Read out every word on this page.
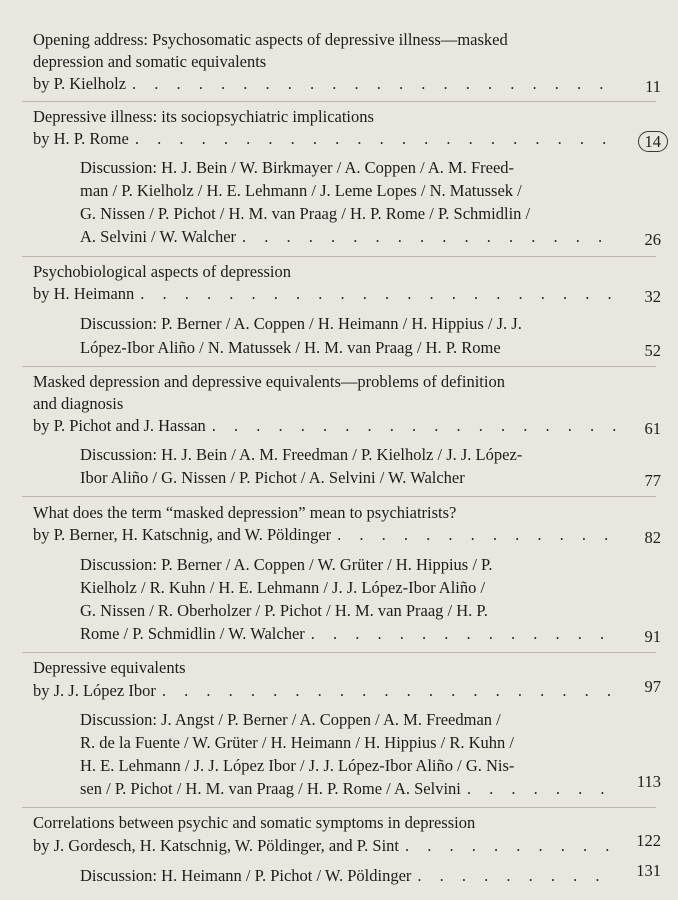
Opening address: Psychosomatic aspects of depressive illness—masked
depression and somatic equivalents
by P. Kielholz . . .	11
Depressive illness: its sociopsychiatric implications
by H. P. Rome . . .	14
Discussion: H. J. Bein / W. Birkmayer / A. Coppen / A. M. Freed-
man / P. Kielholz / H. E. Lehmann / J. Leme Lopes / N. Matussek /
G. Nissen / P. Pichot / H. M. van Praag / H. P. Rome / P. Schmidlin /
A. Selvini / W. Walcher . . .	26
Psychobiological aspects of depression
by H. Heimann . . .	32
Discussion: P. Berner / A. Coppen / H. Heimann / H. Hippius / J. J.
López-Ibor Aliño / N. Matussek / H. M. van Praag / H. P. Rome	52
Masked depression and depressive equivalents—problems of definition
and diagnosis
by P. Pichot and J. Hassan . . .	61
Discussion: H. J. Bein / A. M. Freedman / P. Kielholz / J. J. López-
Ibor Aliño / G. Nissen / P. Pichot / A. Selvini / W. Walcher	77
What does the term “masked depression” mean to psychiatrists?
by P. Berner, H. Katschnig, and W. Pöldinger . . .	82
Discussion: P. Berner / A. Coppen / W. Grüter / H. Hippius / P.
Kielholz / R. Kuhn / H. E. Lehmann / J. J. López-Ibor Aliño /
G. Nissen / R. Oberholzer / P. Pichot / H. M. van Praag / H. P.
Rome / P. Schmidlin / W. Walcher . . .	91
Depressive equivalents
by J. J. López Ibor . . .	97
Discussion: J. Angst / P. Berner / A. Coppen / A. M. Freedman /
R. de la Fuente / W. Grüter / H. Heimann / H. Hippius / R. Kuhn /
H. E. Lehmann / J. J. López Ibor / J. J. López-Ibor Aliño / G. Nis-
sen / P. Pichot / H. M. van Praag / H. P. Rome / A. Selvini . . .	113
Correlations between psychic and somatic symptoms in depression
by J. Gordesch, H. Katschnig, W. Pöldinger, and P. Sint . . .	122
Discussion: H. Heimann / P. Pichot / W. Pöldinger . . .	131
